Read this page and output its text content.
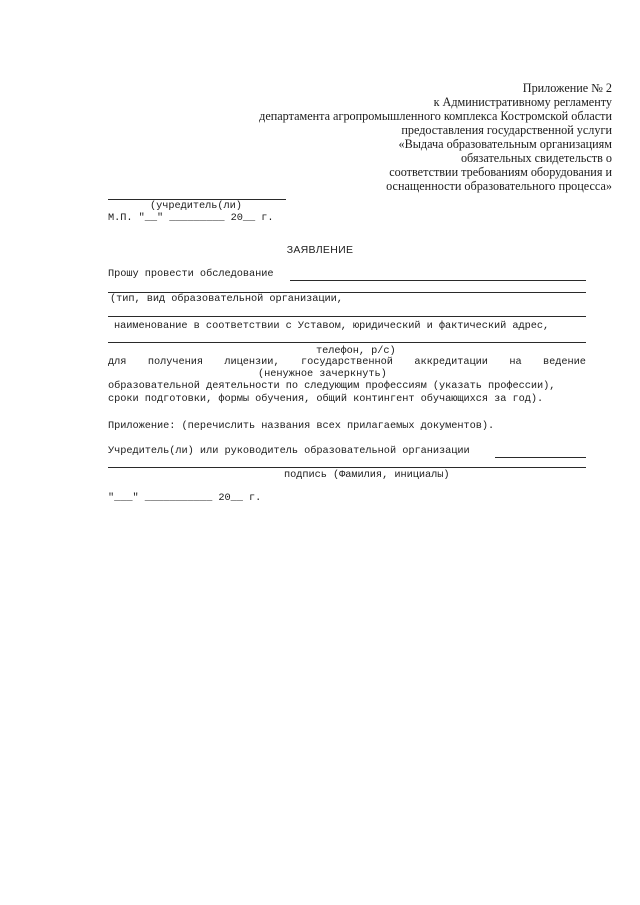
Приложение № 2
к Административному регламенту
департамента агропромышленного комплекса Костромской области
предоставления государственной услуги
«Выдача образовательным организациям
обязательных свидетельств о
соответствии требованиям оборудования и
оснащенности образовательного процесса»
(учредитель(ли)
М.П. "__" _________ 20__ г.
ЗАЯВЛЕНИЕ
Прошу провести обследование
(тип, вид образовательной организации,
наименование в соответствии с Уставом, юридический и фактический адрес,
телефон, р/с)
для получения лицензии, государственной аккредитации на ведение
(ненужное зачеркнуть)
образовательной деятельности по следующим профессиям (указать профессии),
сроки подготовки, формы обучения, общий контингент обучающихся за год).
Приложение: (перечислить названия всех прилагаемых документов).
Учредитель(ли) или руководитель образовательной организации
подпись (Фамилия, инициалы)
"___" ___________ 20__ г.
